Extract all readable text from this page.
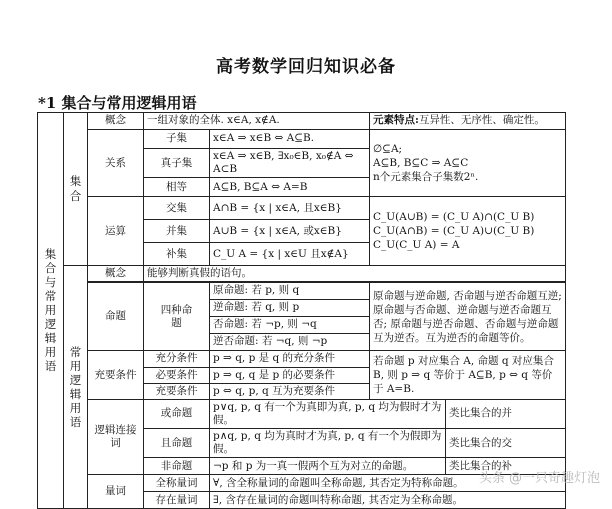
高考数学回归知识必备
*1 集合与常用逻辑用语
集合与常用逻辑用语	集合	概念	一组对象的全体. x∈A, x∉A.		元素特点:互异性、无序性、确定性。	
		关系	子集	x∈A ⇒ x∈B ⇔ A⊆B.	∅⊆A;
A⊆B, B⊆C ⇒ A⊆C
n个元素集合子集数2ⁿ.	

			真子集	x∈A ⇒ x∈B, ∃x₀∈B, x₀∉A ⇔ A⊂B		
			相等	A⊆B, B⊆A ⇔ A=B		
		运算	交集	A∩B = {x | x∈A, 且x∈B}	C_U(A∪B) = (C_U A)∩(C_U B)
C_U(A∩B) = (C_U A)∪(C_U B)
C_U(C_U A) = A	

			并集	A∪B = {x | x∈A, 或x∈B}		
			补集	C_U A = {x | x∈U 且x∉A}		

	常用逻辑用语	概念	能够判断真假的语句。			

		命题	四种命题	原命题: 若 p, 则 q
逆命题: 若 q, 则 p
否命题: 若 ¬p, 则 ¬q
逆否命题: 若 ¬q, 则 ¬p	原命题与逆命题, 否命题与逆否命题互逆; 原命题与否命题、逆命题与逆否命题互否; 原命题与逆否命题、否命题与逆命题互为逆否。互为逆否的命题等价。	
		充要条件	充分条件	p ⇒ q, p 是 q 的充分条件	若命题 p 对应集合 A, 命题 q 对应集合 B, 则 p ⇒ q 等价于 A⊆B, p ⇔ q 等价于 A=B.	
			必要条件	p ⇒ q, q 是 p 的必要条件		
			充要条件	p ⇔ q, p, q 互为充要条件		
		逻辑连接词	或命题	p∨q, p, q 有一个为真即为真, p, q 均为假时才为假。		类比集合的并
			且命题	p∧q, p, q 均为真时才为真, p, q 有一个为假即为假。		类比集合的交
			非命题	¬p 和 p 为一真一假两个互为对立的命题。		类比集合的补
		量词	全称量词	∀, 含全称量词的命题叫全称命题, 其否定为特称命题。		
			存在量词	∃, 含存在量词的命题叫特称命题, 其否定为全称命题。		
头条 @一只奇趣灯泡
